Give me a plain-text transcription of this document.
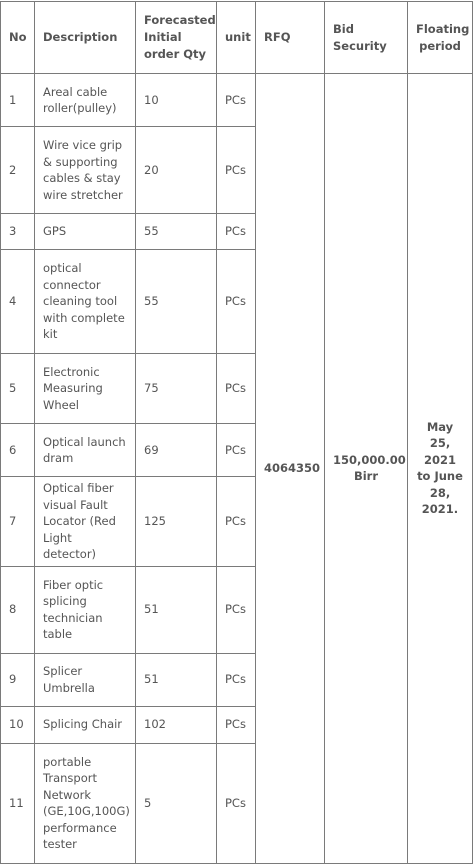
No	Description	Forecasted Initial order Qty	unit	RFQ	Bid Security	Floating period
1	Areal cable roller(pulley)	10	PCs	4064350	150,000.00 Birr	May 25, 2021 to June 28, 2021.
2	Wire vice grip & supporting cables & stay wire stretcher	20	PCs			
3	GPS	55	PCs			
4	optical connector cleaning tool with complete kit	55	PCs			
5	Electronic Measuring Wheel	75	PCs			
6	Optical launch dram	69	PCs			
7	Optical fiber visual Fault Locator (Red Light detector)	125	PCs			
8	Fiber optic splicing technician table	51	PCs			
9	Splicer Umbrella	51	PCs			
10	Splicing Chair	102	PCs			
11	portable Transport Network (GE,10G,100G) performance tester	5	PCs			
